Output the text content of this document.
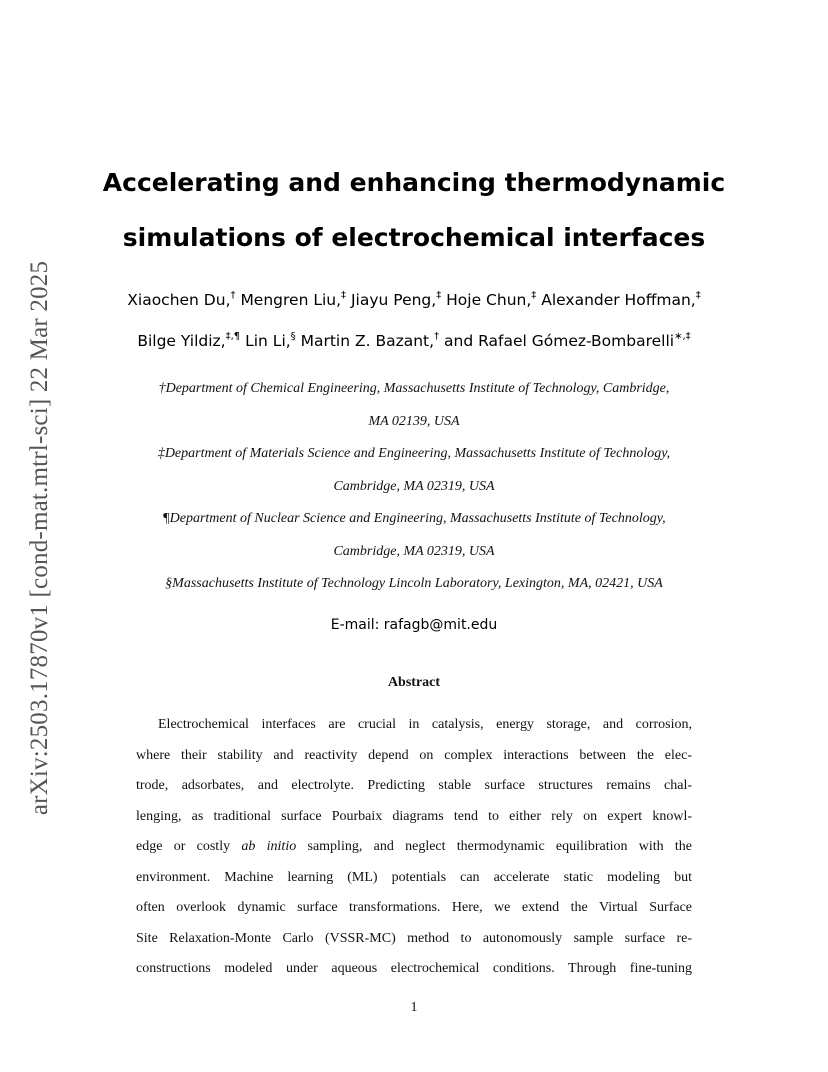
arXiv:2503.17870v1 [cond-mat.mtrl-sci] 22 Mar 2025
Accelerating and enhancing thermodynamic
simulations of electrochemical interfaces
Xiaochen Du,† Mengren Liu,‡ Jiayu Peng,‡ Hoje Chun,‡ Alexander Hoffman,‡
Bilge Yildiz,‡,¶ Lin Li,§ Martin Z. Bazant,† and Rafael Gómez-Bombarelli∗,‡
†Department of Chemical Engineering, Massachusetts Institute of Technology, Cambridge,
MA 02139, USA
‡Department of Materials Science and Engineering, Massachusetts Institute of Technology,
Cambridge, MA 02319, USA
¶Department of Nuclear Science and Engineering, Massachusetts Institute of Technology,
Cambridge, MA 02319, USA
§Massachusetts Institute of Technology Lincoln Laboratory, Lexington, MA, 02421, USA
E-mail: rafagb@mit.edu
Abstract
Electrochemical interfaces are crucial in catalysis, energy storage, and corrosion,
where their stability and reactivity depend on complex interactions between the elec-
trode, adsorbates, and electrolyte. Predicting stable surface structures remains chal-
lenging, as traditional surface Pourbaix diagrams tend to either rely on expert knowl-
edge or costly ab initio sampling, and neglect thermodynamic equilibration with the
environment. Machine learning (ML) potentials can accelerate static modeling but
often overlook dynamic surface transformations. Here, we extend the Virtual Surface
Site Relaxation-Monte Carlo (VSSR-MC) method to autonomously sample surface re-
constructions modeled under aqueous electrochemical conditions. Through fine-tuning
1
